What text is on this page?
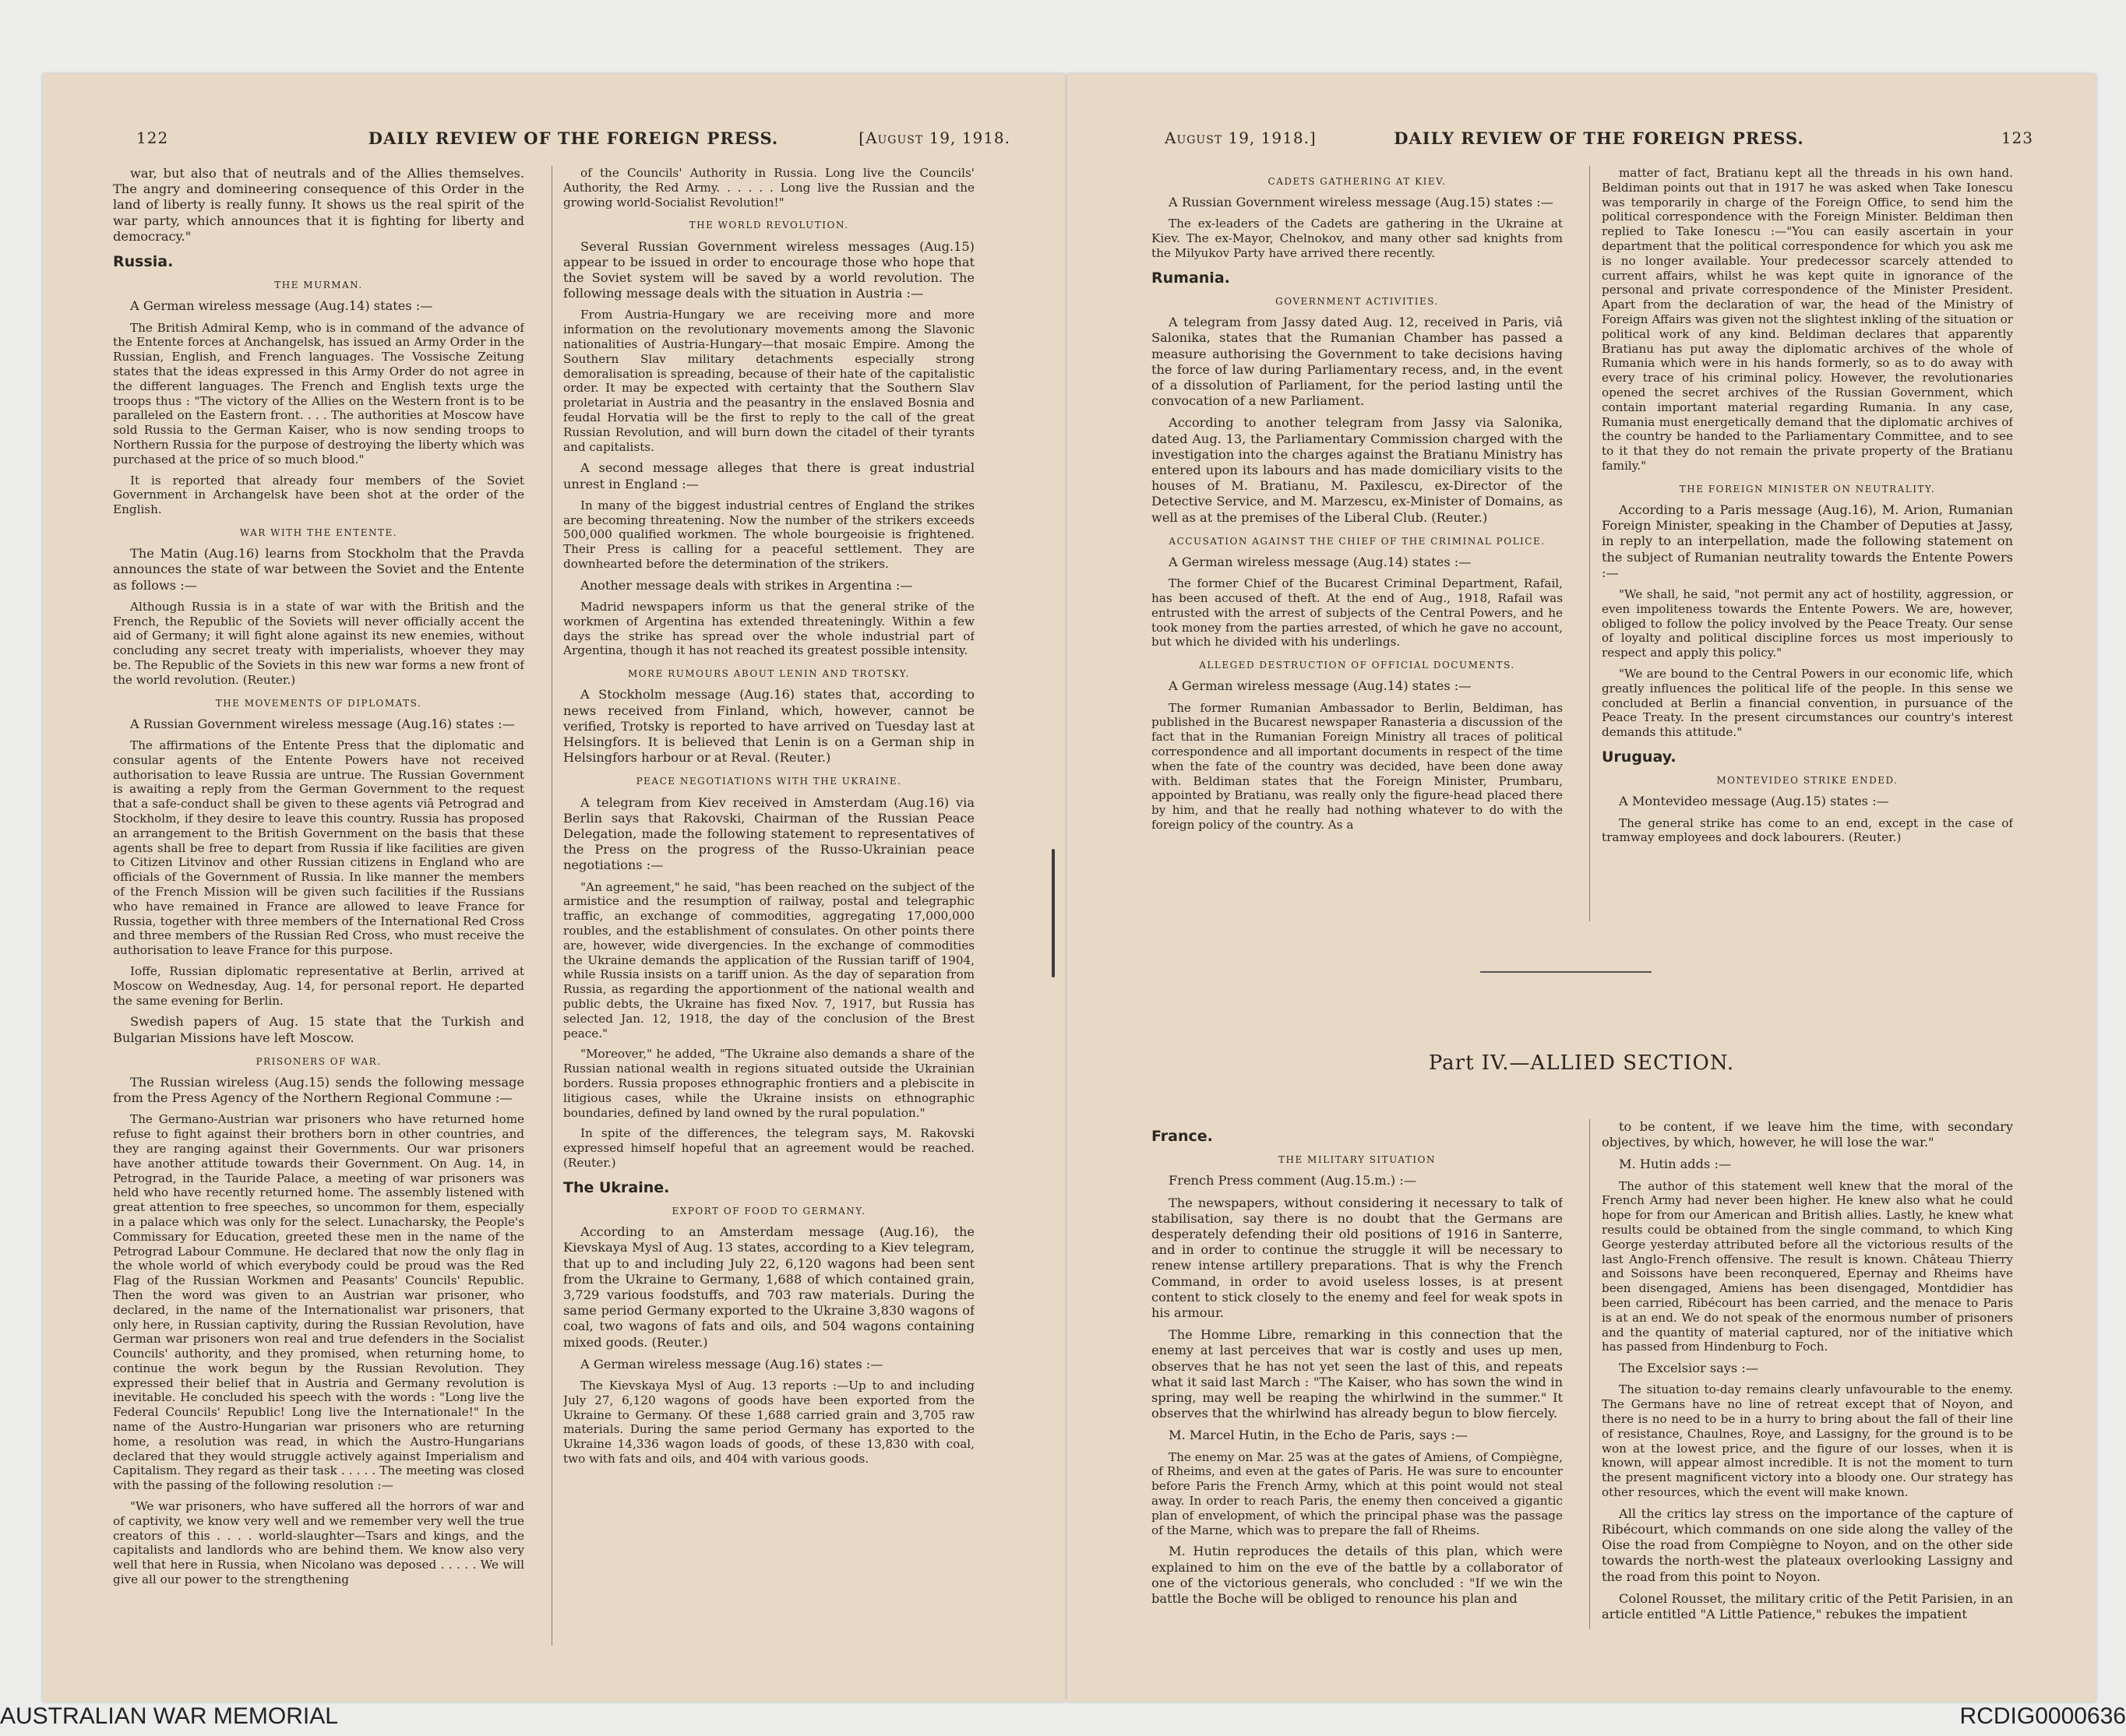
122	DAILY REVIEW OF THE FOREIGN PRESS.	[August 19, 1918.

war, but also that of neutrals and of the Allies themselves. The angry and domineering consequence of this Order in the land of liberty is really funny. It shows us the real spirit of the war party, which announces that it is fighting for liberty and democracy."

Russia.
THE MURMAN.

A German wireless message (Aug.14) states :—

The British Admiral Kemp, who is in command of the advance of the Entente forces at Anchangelsk, has issued an Army Order in the Russian, English, and French languages. The Vossische Zeitung states that the ideas expressed in this Army Order do not agree in the different languages. The French and English texts urge the troops thus : "The victory of the Allies on the Western front is to be paralleled on the Eastern front. . . . The authorities at Moscow have sold Russia to the German Kaiser, who is now sending troops to Northern Russia for the purpose of destroying the liberty which was purchased at the price of so much blood."

It is reported that already four members of the Soviet Government in Archangelsk have been shot at the order of the English.

WAR WITH THE ENTENTE.

The Matin (Aug.16) learns from Stockholm that the Pravda announces the state of war between the Soviet and the Entente as follows :—

Although Russia is in a state of war with the British and the French, the Republic of the Soviets will never officially accent the aid of Germany; it will fight alone against its new enemies, without concluding any secret treaty with imperialists, whoever they may be. The Republic of the Soviets in this new war forms a new front of the world revolution. (Reuter.)

THE MOVEMENTS OF DIPLOMATS.

A Russian Government wireless message (Aug.16) states :—

The affirmations of the Entente Press that the diplomatic and consular agents of the Entente Powers have not received authorisation to leave Russia are untrue. The Russian Government is awaiting a reply from the German Government to the request that a safe-conduct shall be given to these agents viâ Petrograd and Stockholm, if they desire to leave this country. Russia has proposed an arrangement to the British Government on the basis that these agents shall be free to depart from Russia if like facilities are given to Citizen Litvinov and other Russian citizens in England who are officials of the Government of Russia. In like manner the members of the French Mission will be given such facilities if the Russians who have remained in France are allowed to leave France for Russia, together with three members of the International Red Cross and three members of the Russian Red Cross, who must receive the authorisation to leave France for this purpose.

Ioffe, Russian diplomatic representative at Berlin, arrived at Moscow on Wednesday, Aug. 14, for personal report. He departed the same evening for Berlin.

Swedish papers of Aug. 15 state that the Turkish and Bulgarian Missions have left Moscow.

PRISONERS OF WAR.

The Russian wireless (Aug.15) sends the following message from the Press Agency of the Northern Regional Commune :—

The Germano-Austrian war prisoners who have returned home refuse to fight against their brothers born in other countries, and they are ranging against their Governments. Our war prisoners have another attitude towards their Government. On Aug. 14, in Petrograd, in the Tauride Palace, a meeting of war prisoners was held who have recently returned home. The assembly listened with great attention to free speeches, so uncommon for them, especially in a palace which was only for the select. Lunacharsky, the People's Commissary for Education, greeted these men in the name of the Petrograd Labour Commune. He declared that now the only flag in the whole world of which everybody could be proud was the Red Flag of the Russian Workmen and Peasants' Councils' Republic. Then the word was given to an Austrian war prisoner, who declared, in the name of the Internationalist war prisoners, that only here, in Russian captivity, during the Russian Revolution, have German war prisoners won real and true defenders in the Socialist Councils' authority, and they promised, when returning home, to continue the work begun by the Russian Revolution. They expressed their belief that in Austria and Germany revolution is inevitable. He concluded his speech with the words : "Long live the Federal Councils' Republic! Long live the Internationale!" In the name of the Austro-Hungarian war prisoners who are returning home, a resolution was read, in which the Austro-Hungarians declared that they would struggle actively against Imperialism and Capitalism. They regard as their task . . . . . The meeting was closed with the passing of the following resolution :—

"We war prisoners, who have suffered all the horrors of war and of captivity, we know very well and we remember very well the true creators of this . . . . world-slaughter—Tsars and kings, and the capitalists and landlords who are behind them. We know also very well that here in Russia, when Nicolano was deposed . . . . . We will give all our power to the strengthening

of the Councils' Authority in Russia. Long live the Councils' Authority, the Red Army. . . . . . Long live the Russian and the growing world-Socialist Revolution!"

THE WORLD REVOLUTION.

Several Russian Government wireless messages (Aug.15) appear to be issued in order to encourage those who hope that the Soviet system will be saved by a world revolution. The following message deals with the situation in Austria :—

From Austria-Hungary we are receiving more and more information on the revolutionary movements among the Slavonic nationalities of Austria-Hungary—that mosaic Empire. Among the Southern Slav military detachments especially strong demoralisation is spreading, because of their hate of the capitalistic order. It may be expected with certainty that the Southern Slav proletariat in Austria and the peasantry in the enslaved Bosnia and feudal Horvatia will be the first to reply to the call of the great Russian Revolution, and will burn down the citadel of their tyrants and capitalists.

A second message alleges that there is great industrial unrest in England :—

In many of the biggest industrial centres of England the strikes are becoming threatening. Now the number of the strikers exceeds 500,000 qualified workmen. The whole bourgeoisie is frightened. Their Press is calling for a peaceful settlement. They are downhearted before the determination of the strikers.

Another message deals with strikes in Argentina :—

Madrid newspapers inform us that the general strike of the workmen of Argentina has extended threateningly. Within a few days the strike has spread over the whole industrial part of Argentina, though it has not reached its greatest possible intensity.

MORE RUMOURS ABOUT LENIN AND TROTSKY.

A Stockholm message (Aug.16) states that, according to news received from Finland, which, however, cannot be verified, Trotsky is reported to have arrived on Tuesday last at Helsingfors. It is believed that Lenin is on a German ship in Helsingfors harbour or at Reval. (Reuter.)

PEACE NEGOTIATIONS WITH THE UKRAINE.

A telegram from Kiev received in Amsterdam (Aug.16) via Berlin says that Rakovski, Chairman of the Russian Peace Delegation, made the following statement to representatives of the Press on the progress of the Russo-Ukrainian peace negotiations :—

"An agreement," he said, "has been reached on the subject of the armistice and the resumption of railway, postal and telegraphic traffic, an exchange of commodities, aggregating 17,000,000 roubles, and the establishment of consulates. On other points there are, however, wide divergencies. In the exchange of commodities the Ukraine demands the application of the Russian tariff of 1904, while Russia insists on a tariff union. As the day of separation from Russia, as regarding the apportionment of the national wealth and public debts, the Ukraine has fixed Nov. 7, 1917, but Russia has selected Jan. 12, 1918, the day of the conclusion of the Brest peace."

"Moreover," he added, "The Ukraine also demands a share of the Russian national wealth in regions situated outside the Ukrainian borders. Russia proposes ethnographic frontiers and a plebiscite in litigious cases, while the Ukraine insists on ethnographic boundaries, defined by land owned by the rural population."

In spite of the differences, the telegram says, M. Rakovski expressed himself hopeful that an agreement would be reached. (Reuter.)

The Ukraine.
EXPORT OF FOOD TO GERMANY.

According to an Amsterdam message (Aug.16), the Kievskaya Mysl of Aug. 13 states, according to a Kiev telegram, that up to and including July 22, 6,120 wagons had been sent from the Ukraine to Germany, 1,688 of which contained grain, 3,729 various foodstuffs, and 703 raw materials. During the same period Germany exported to the Ukraine 3,830 wagons of coal, two wagons of fats and oils, and 504 wagons containing mixed goods. (Reuter.)

A German wireless message (Aug.16) states :—

The Kievskaya Mysl of Aug. 13 reports :—Up to and including July 27, 6,120 wagons of goods have been exported from the Ukraine to Germany. Of these 1,688 carried grain and 3,705 raw materials. During the same period Germany has exported to the Ukraine 14,336 wagon loads of goods, of these 13,830 with coal, two with fats and oils, and 404 with various goods.

August 19, 1918.]	DAILY REVIEW OF THE FOREIGN PRESS.	123
CADETS GATHERING AT KIEV.

A Russian Government wireless message (Aug.15) states :—

The ex-leaders of the Cadets are gathering in the Ukraine at Kiev. The ex-Mayor, Chelnokov, and many other sad knights from the Milyukov Party have arrived there recently.

Rumania.
GOVERNMENT ACTIVITIES.

A telegram from Jassy dated Aug. 12, received in Paris, viâ Salonika, states that the Rumanian Chamber has passed a measure authorising the Government to take decisions having the force of law during Parliamentary recess, and, in the event of a dissolution of Parliament, for the period lasting until the convocation of a new Parliament.

According to another telegram from Jassy via Salonika, dated Aug. 13, the Parliamentary Commission charged with the investigation into the charges against the Bratianu Ministry has entered upon its labours and has made domiciliary visits to the houses of M. Bratianu, M. Paxilescu, ex-Director of the Detective Service, and M. Marzescu, ex-Minister of Domains, as well as at the premises of the Liberal Club. (Reuter.)

ACCUSATION AGAINST THE CHIEF OF THE CRIMINAL POLICE.

A German wireless message (Aug.14) states :—

The former Chief of the Bucarest Criminal Department, Rafail, has been accused of theft. At the end of Aug., 1918, Rafail was entrusted with the arrest of subjects of the Central Powers, and he took money from the parties arrested, of which he gave no account, but which he divided with his underlings.

ALLEGED DESTRUCTION OF OFFICIAL DOCUMENTS.

A German wireless message (Aug.14) states :—

The former Rumanian Ambassador to Berlin, Beldiman, has published in the Bucarest newspaper Ranasteria a discussion of the fact that in the Rumanian Foreign Ministry all traces of political correspondence and all important documents in respect of the time when the fate of the country was decided, have been done away with. Beldiman states that the Foreign Minister, Prumbaru, appointed by Bratianu, was really only the figure-head placed there by him, and that he really had nothing whatever to do with the foreign policy of the country. As a

matter of fact, Bratianu kept all the threads in his own hand. Beldiman points out that in 1917 he was asked when Take Ionescu was temporarily in charge of the Foreign Office, to send him the political correspondence with the Foreign Minister. Beldiman then replied to Take Ionescu :—"You can easily ascertain in your department that the political correspondence for which you ask me is no longer available. Your predecessor scarcely attended to current affairs, whilst he was kept quite in ignorance of the personal and private correspondence of the Minister President. Apart from the declaration of war, the head of the Ministry of Foreign Affairs was given not the slightest inkling of the situation or political work of any kind. Beldiman declares that apparently Bratianu has put away the diplomatic archives of the whole of Rumania which were in his hands formerly, so as to do away with every trace of his criminal policy. However, the revolutionaries opened the secret archives of the Russian Government, which contain important material regarding Rumania. In any case, Rumania must energetically demand that the diplomatic archives of the country be handed to the Parliamentary Committee, and to see to it that they do not remain the private property of the Bratianu family."

THE FOREIGN MINISTER ON NEUTRALITY.

According to a Paris message (Aug.16), M. Arion, Rumanian Foreign Minister, speaking in the Chamber of Deputies at Jassy, in reply to an interpellation, made the following statement on the subject of Rumanian neutrality towards the Entente Powers :—

"We shall, he said, "not permit any act of hostility, aggression, or even impoliteness towards the Entente Powers. We are, however, obliged to follow the policy involved by the Peace Treaty. Our sense of loyalty and political discipline forces us most imperiously to respect and apply this policy."

"We are bound to the Central Powers in our economic life, which greatly influences the political life of the people. In this sense we concluded at Berlin a financial convention, in pursuance of the Peace Treaty. In the present circumstances our country's interest demands this attitude."

Uruguay.
MONTEVIDEO STRIKE ENDED.

A Montevideo message (Aug.15) states :—

The general strike has come to an end, except in the case of tramway employees and dock labourers. (Reuter.)

Part IV.—ALLIED SECTION.
France.
THE MILITARY SITUATION

French Press comment (Aug.15.m.) :—

The newspapers, without considering it necessary to talk of stabilisation, say there is no doubt that the Germans are desperately defending their old positions of 1916 in Santerre, and in order to continue the struggle it will be necessary to renew intense artillery preparations. That is why the French Command, in order to avoid useless losses, is at present content to stick closely to the enemy and feel for weak spots in his armour.

The Homme Libre, remarking in this connection that the enemy at last perceives that war is costly and uses up men, observes that he has not yet seen the last of this, and repeats what it said last March : "The Kaiser, who has sown the wind in spring, may well be reaping the whirlwind in the summer." It observes that the whirlwind has already begun to blow fiercely.

M. Marcel Hutin, in the Echo de Paris, says :—

The enemy on Mar. 25 was at the gates of Amiens, of Compiègne, of Rheims, and even at the gates of Paris. He was sure to encounter before Paris the French Army, which at this point would not steal away. In order to reach Paris, the enemy then conceived a gigantic plan of envelopment, of which the principal phase was the passage of the Marne, which was to prepare the fall of Rheims.

M. Hutin reproduces the details of this plan, which were explained to him on the eve of the battle by a collaborator of one of the victorious generals, who concluded : "If we win the battle the Boche will be obliged to renounce his plan and

to be content, if we leave him the time, with secondary objectives, by which, however, he will lose the war."

M. Hutin adds :—

The author of this statement well knew that the moral of the French Army had never been higher. He knew also what he could hope for from our American and British allies. Lastly, he knew what results could be obtained from the single command, to which King George yesterday attributed before all the victorious results of the last Anglo-French offensive. The result is known. Château Thierry and Soissons have been reconquered, Epernay and Rheims have been disengaged, Amiens has been disengaged, Montdidier has been carried, Ribécourt has been carried, and the menace to Paris is at an end. We do not speak of the enormous number of prisoners and the quantity of material captured, nor of the initiative which has passed from Hindenburg to Foch.

The Excelsior says :—

The situation to-day remains clearly unfavourable to the enemy. The Germans have no line of retreat except that of Noyon, and there is no need to be in a hurry to bring about the fall of their line of resistance, Chaulnes, Roye, and Lassigny, for the ground is to be won at the lowest price, and the figure of our losses, when it is known, will appear almost incredible. It is not the moment to turn the present magnificent victory into a bloody one. Our strategy has other resources, which the event will make known.

All the critics lay stress on the importance of the capture of Ribécourt, which commands on one side along the valley of the Oise the road from Compiègne to Noyon, and on the other side towards the north-west the plateaux overlooking Lassigny and the road from this point to Noyon.

Colonel Rousset, the military critic of the Petit Parisien, in an article entitled "A Little Patience," rebukes the impatient

AUSTRALIAN WAR MEMORIAL	RCDIG0000636
